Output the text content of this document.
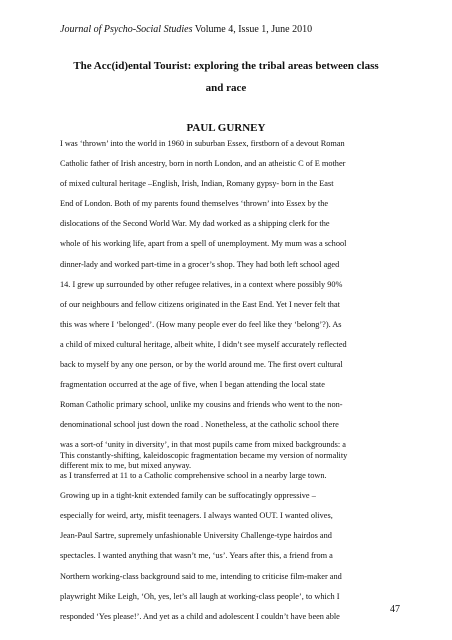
Journal of Psycho-Social Studies Volume 4, Issue 1, June 2010
The Acc(id)ental Tourist: exploring the tribal areas between class
and race
PAUL GURNEY
I was ‘thrown’ into the world in 1960 in suburban Essex, firstborn of a devout Roman
Catholic father of Irish ancestry, born in north London, and an atheistic C of E mother
of mixed cultural heritage –English, Irish, Indian, Romany gypsy- born in the East
End of London. Both of my parents found themselves ‘thrown’ into Essex by the
dislocations of the Second World War. My dad worked as a shipping clerk for the
whole of his working life, apart from a spell of unemployment. My mum was a school
dinner-lady and worked part-time in a grocer’s shop. They had both left school aged
14. I grew up surrounded by other refugee relatives, in a context where possibly 90%
of our neighbours and fellow citizens originated in the East End. Yet I never felt that
this was where I ‘belonged’. (How many people ever do feel like they ‘belong’?). As
a child of mixed cultural heritage, albeit white, I didn’t see myself accurately reflected
back to myself by any one person, or by the world around me. The first overt cultural
fragmentation occurred at the age of five, when I began attending the local state
Roman Catholic primary school, unlike my cousins and friends who went to the non-
denominational school just down the road . Nonetheless, at the catholic school there
was a sort-of ‘unity in diversity’, in that most pupils came from mixed backgrounds: a
different mix to me, but mixed anyway.
This constantly-shifting, kaleidoscopic fragmentation became my version of normality
as I transferred at 11 to a Catholic comprehensive school in a nearby large town.
Growing up in a tight-knit extended family can be suffocatingly oppressive –
especially for weird, arty, misfit teenagers. I always wanted OUT. I wanted olives,
Jean-Paul Sartre, supremely unfashionable University Challenge-type hairdos and
spectacles. I wanted anything that wasn’t me, ‘us’. Years after this, a friend from a
Northern working-class background said to me, intending to criticise film-maker and
playwright Mike Leigh, ‘Oh, yes, let’s all laugh at working-class people’, to which I
responded ‘Yes please!’. And yet as a child and adolescent I couldn’t have been able
47
